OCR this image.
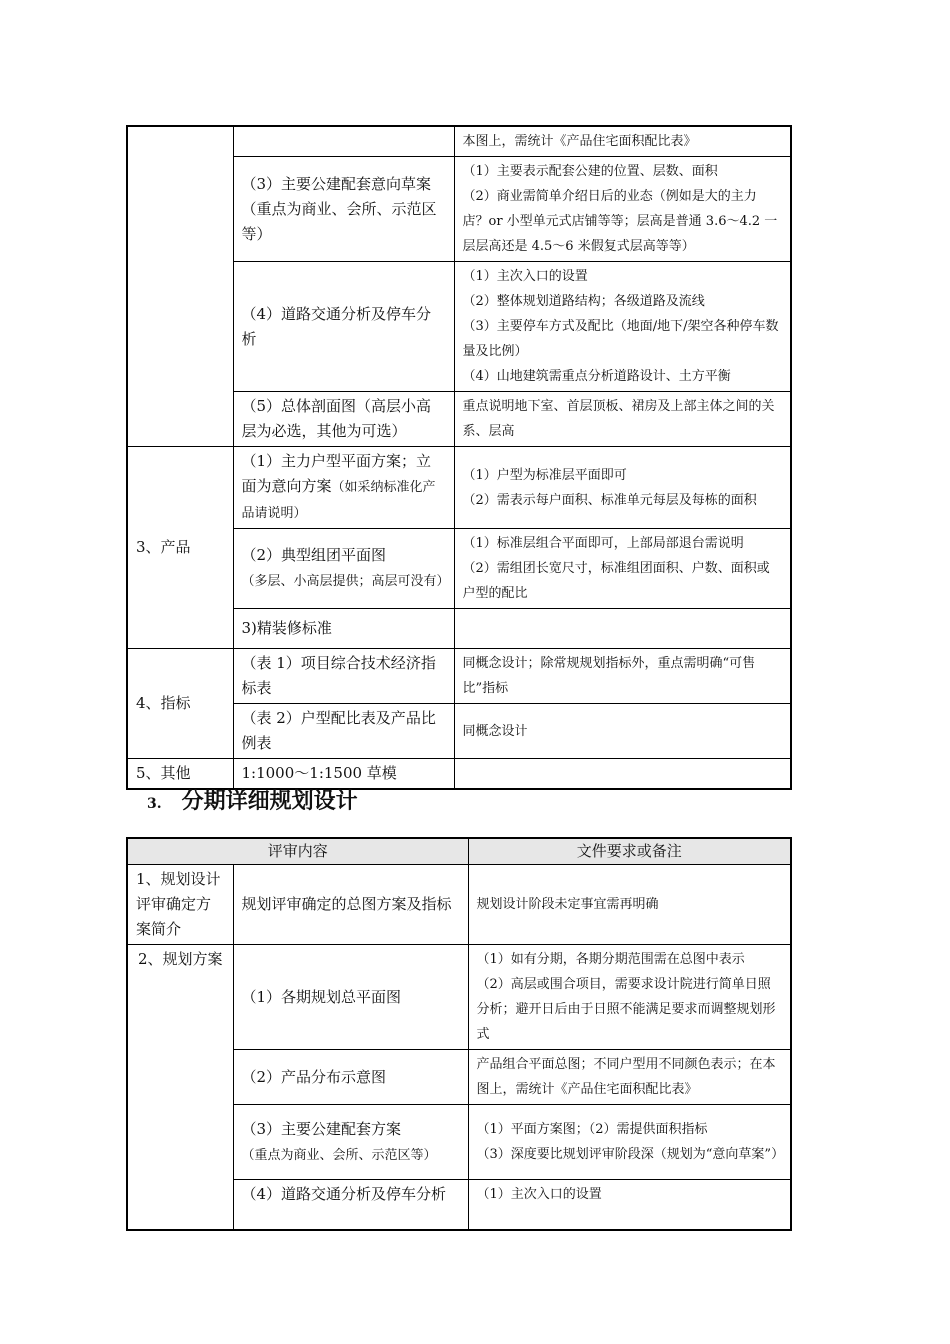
		本图上，需统计《产品住宅面积配比表》
	（3）主要公建配套意向草案（重点为商业、会所、示范区等）	（1）主要表示配套公建的位置、层数、面积
（2）商业需简单介绍日后的业态（例如是大的主力店？or 小型单元式店铺等等；层高是普通 3.6～4.2 一层层高还是 4.5～6 米假复式层高等等）

	（4）道路交通分析及停车分析	（1）主次入口的设置
（2）整体规划道路结构；各级道路及流线
（3）主要停车方式及配比（地面/地下/架空各种停车数量及比例）
（4）山地建筑需重点分析道路设计、土方平衡

	（5）总体剖面图（高层小高层为必选，其他为可选）	重点说明地下室、首层顶板、裙房及上部主体之间的关系、层高
3、产品	（1）主力户型平面方案；立面为意向方案（如采纳标准化产品请说明）	（1）户型为标准层平面即可
（2）需表示每户面积、标准单元每层及每栋的面积

	（2）典型组团平面图
（多层、小高层提供；高层可没有）	（1）标准层组合平面即可，上部局部退台需说明
（2）需组团长宽尺寸，标准组团面积、户数、面积或户型的配比

	3)精装修标准	
4、指标	（表 1）项目综合技术经济指标表	同概念设计；除常规规划指标外，重点需明确“可售比”指标
	（表 2）户型配比表及产品比例表	同概念设计
5、其他	1:1000～1:1500 草模	
3. 分期详细规划设计
评审内容		文件要求或备注
1、规划设计评审确定方案简介	规划评审确定的总图方案及指标	规划设计阶段未定事宜需再明确
2、规划方案	（1）各期规划总平面图	（1）如有分期，各期分期范围需在总图中表示
（2）高层或围合项目，需要求设计院进行简单日照分析；避开日后由于日照不能满足要求而调整规划形式

	（2）产品分布示意图	产品组合平面总图；不同户型用不同颜色表示；在本图上，需统计《产品住宅面积配比表》

	（3）主要公建配套方案
（重点为商业、会所、示范区等）	（1）平面方案图；（2）需提供面积指标
（3）深度要比规划评审阶段深（规划为“意向草案”）

	（4）道路交通分析及停车分析	（1）主次入口的设置
